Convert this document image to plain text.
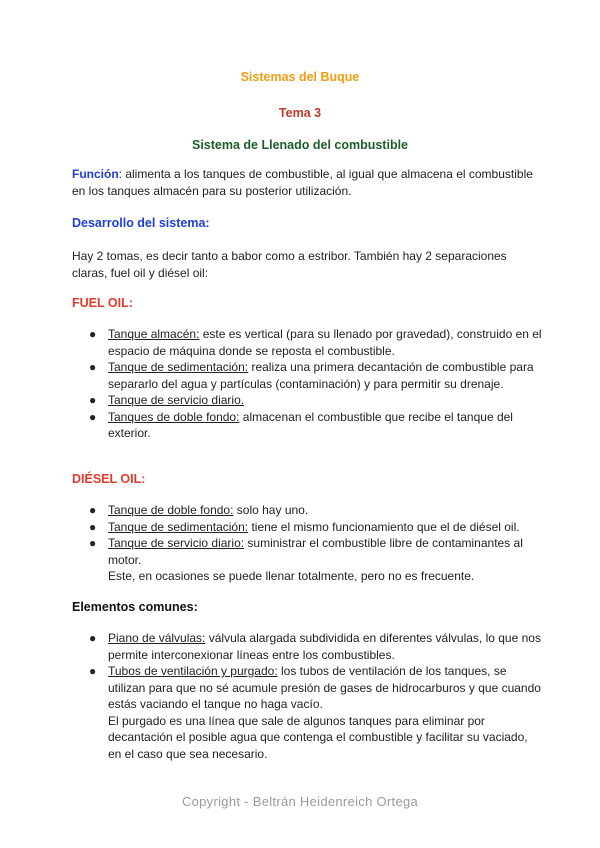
Sistemas del Buque
Tema 3
Sistema de Llenado del combustible
Función: alimenta a los tanques de combustible, al igual que almacena el combustible en los tanques almacén para su posterior utilización.
Desarrollo del sistema:
Hay 2 tomas, es decir tanto a babor como a estribor. También hay 2 separaciones claras, fuel oil y diésel oil:
FUEL OIL:
● Tanque almacén: este es vertical (para su llenado por gravedad), construido en el espacio de máquina donde se reposta el combustible.
● Tanque de sedimentación: realiza una primera decantación de combustible para separarlo del agua y partículas (contaminación) y para permitir su drenaje.
● Tanque de servicio diario.
● Tanques de doble fondo: almacenan el combustible que recibe el tanque del exterior.
DIÉSEL OIL:
● Tanque de doble fondo: solo hay uno.
● Tanque de sedimentación: tiene el mismo funcionamiento que el de diésel oil.
● Tanque de servicio diario: suministrar el combustible libre de contaminantes al motor.
Este, en ocasiones se puede llenar totalmente, pero no es frecuente.
Elementos comunes:
● Piano de válvulas: válvula alargada subdividida en diferentes válvulas, lo que nos permite interconexionar líneas entre los combustibles.
● Tubos de ventilación y purgado: los tubos de ventilación de los tanques, se utilizan para que no sé acumule presión de gases de hidrocarburos y que cuando estás vaciando el tanque no haga vacío.
El purgado es una línea que sale de algunos tanques para eliminar por decantación el posible agua que contenga el combustible y facilitar su vaciado, en el caso que sea necesario.
Copyright - Beltrán Heidenreich Ortega
